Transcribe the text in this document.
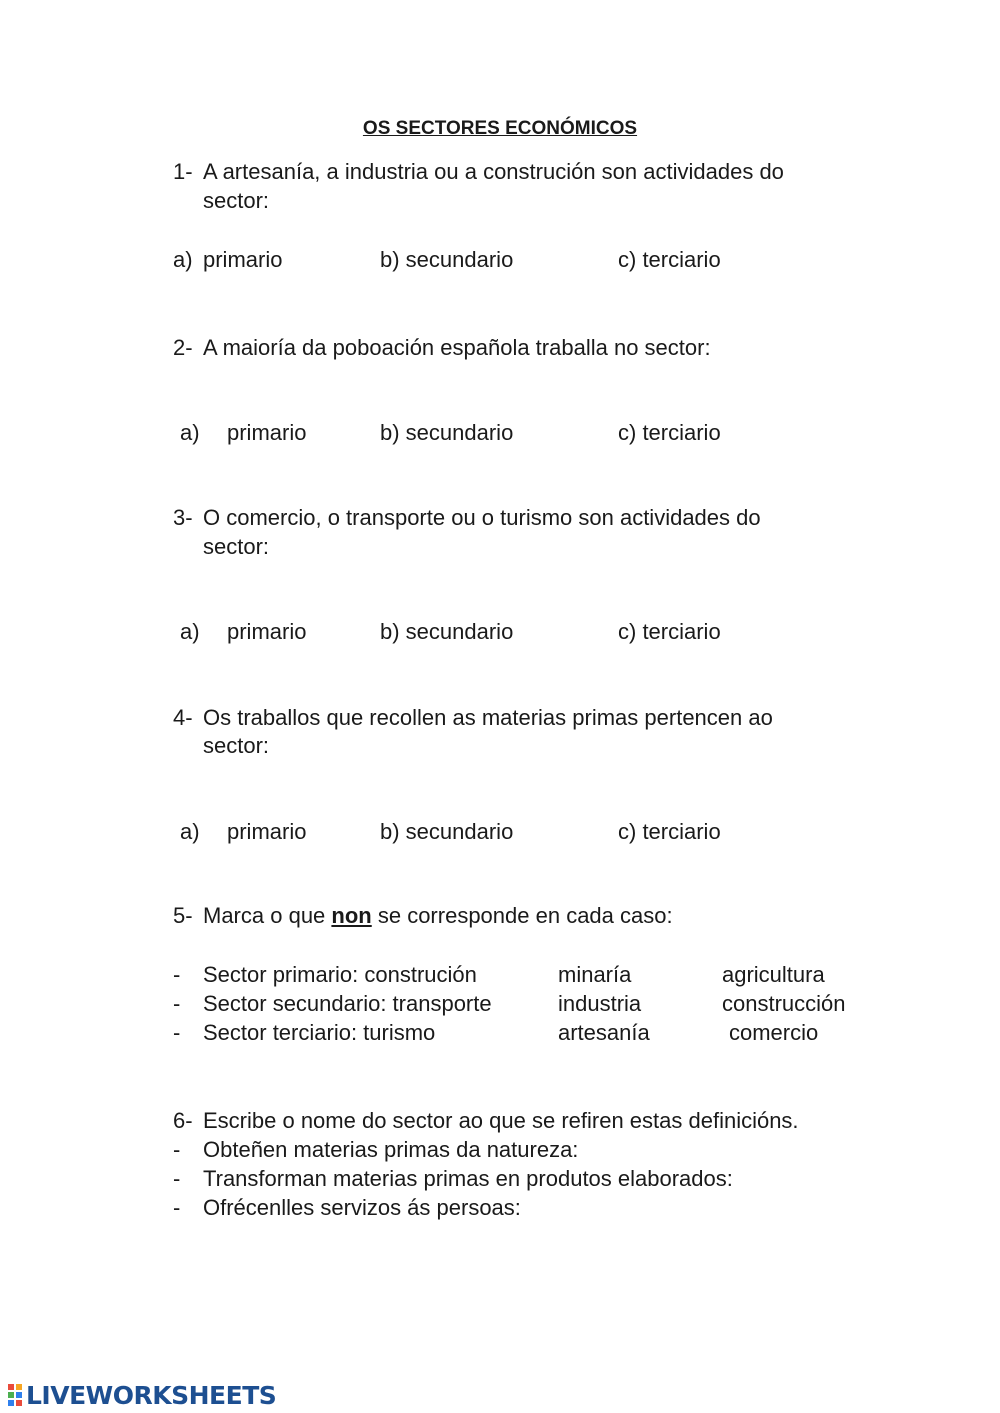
OS SECTORES ECONÓMICOS
1- A artesanía, a industria ou a construción son actividades do
sector:
a) primario	b) secundario	c) terciario
2- A maioría da poboación española traballa no sector:
a) primario	b) secundario	c) terciario
3- O comercio, o transporte ou o turismo son actividades do
sector:
a) primario	b) secundario	c) terciario
4- Os traballos que recollen as materias primas pertencen ao
sector:
a) primario	b) secundario	c) terciario
5- Marca o que non se corresponde en cada caso:
- Sector primario: construción	minaría	agricultura
- Sector secundario: transporte	industria	construcción
- Sector terciario: turismo	artesanía	comercio
6- Escribe o nome do sector ao que se refiren estas definicións.
- Obteñen materias primas da natureza:
- Transforman materias primas en produtos elaborados:
- Ofrécenlles servizos ás persoas:
LIVEWORKSHEETS
